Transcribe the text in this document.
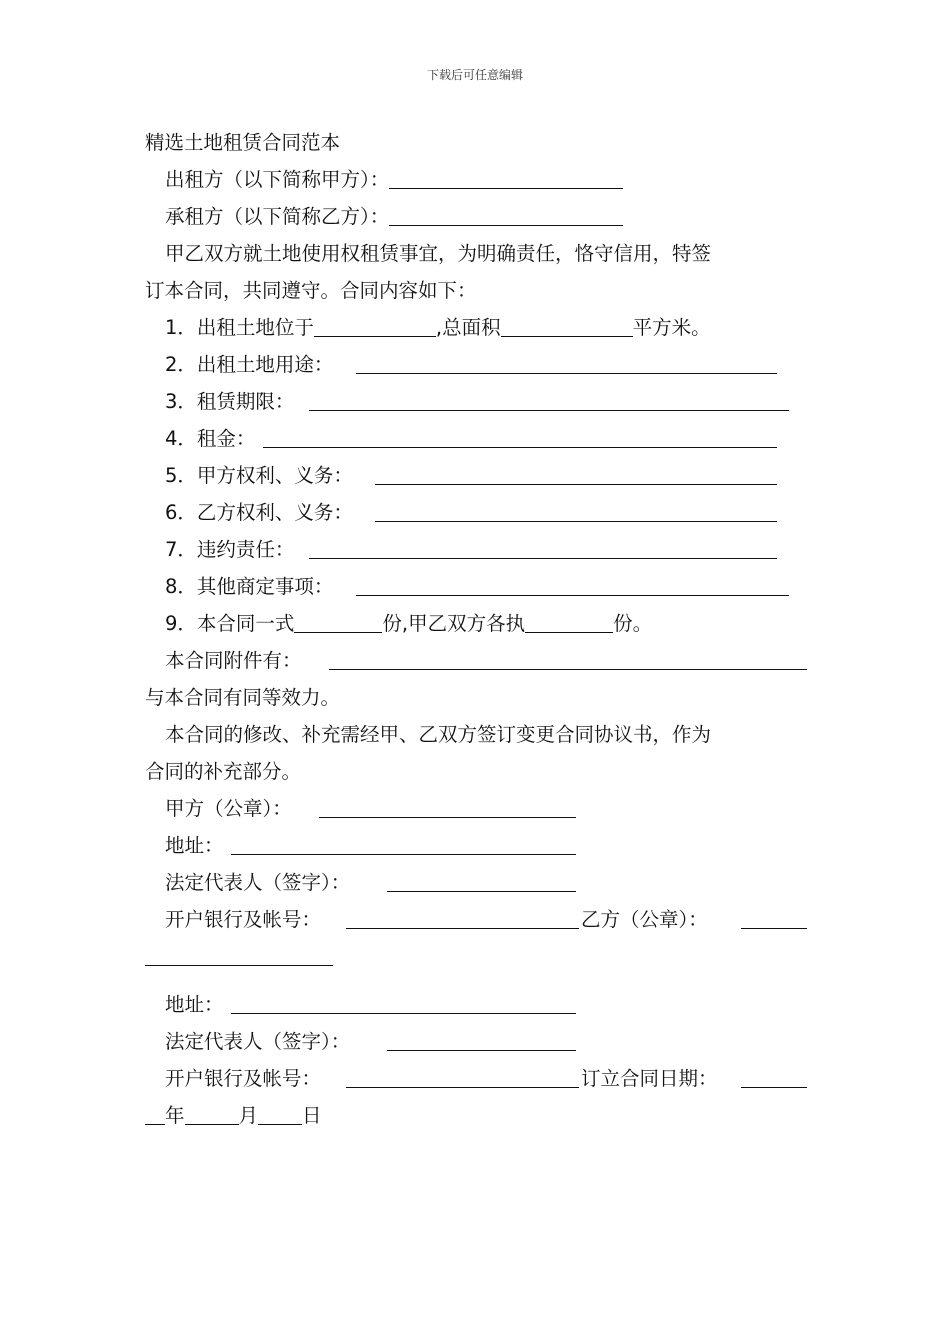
下载后可任意编辑
精选土地租赁合同范本
出租方（以下简称甲方）：
承租方（以下简称乙方）：
甲乙双方就土地使用权租赁事宜，为明确责任，恪守信用，特签
订本合同，共同遵守。合同内容如下：
1．出租土地位于	,总面积	平方米。
2．出租土地用途：
3．租赁期限：
4．租金：
5．甲方权利、义务：
6．乙方权利、义务：
7．违约责任：
8．其他商定事项：
9．本合同一式	份,甲乙双方各执	份。
本合同附件有：
与本合同有同等效力。
本合同的修改、补充需经甲、乙双方签订变更合同协议书，作为
合同的补充部分。
甲方（公章）：
地址：
法定代表人（签字）：
开户银行及帐号：	乙方（公章）：
地址：
法定代表人（签字）：
开户银行及帐号：	订立合同日期：
年	月 日
